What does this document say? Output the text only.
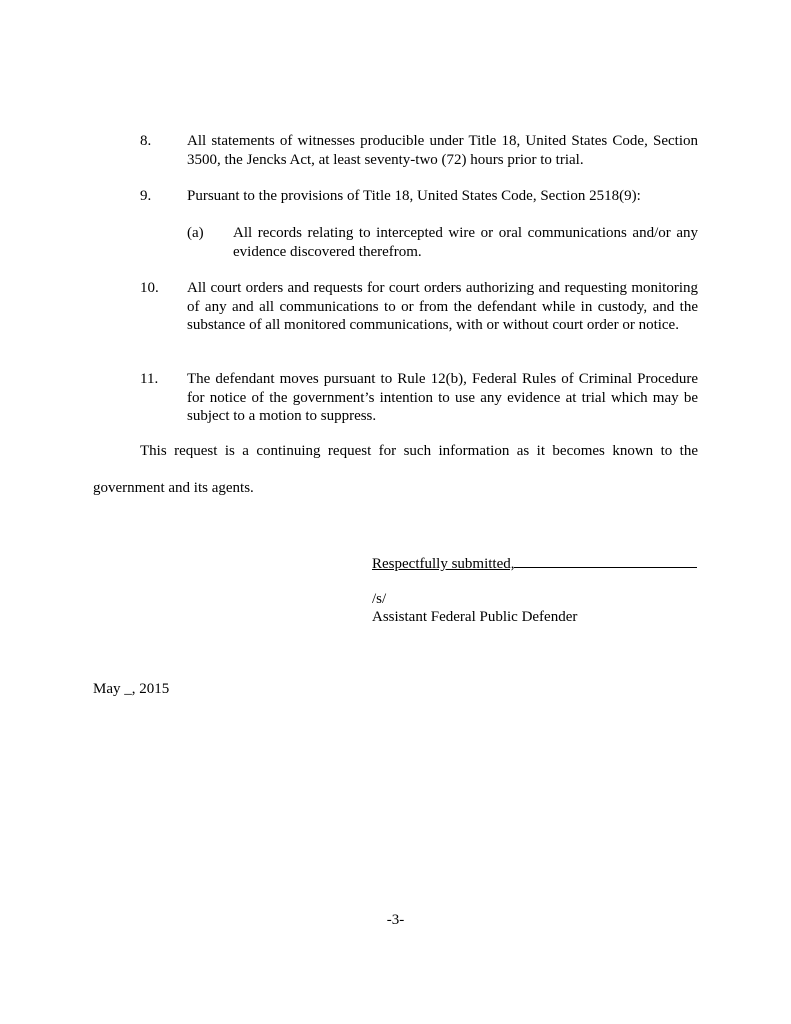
8. All statements of witnesses producible under Title 18, United States Code, Section 3500, the Jencks Act, at least seventy-two (72) hours prior to trial.
9. Pursuant to the provisions of Title 18, United States Code, Section 2518(9):
(a) All records relating to intercepted wire or oral communications and/or any evidence discovered therefrom.
10. All court orders and requests for court orders authorizing and requesting monitoring of any and all communications to or from the defendant while in custody, and the substance of all monitored communications, with or without court order or notice.
11. The defendant moves pursuant to Rule 12(b), Federal Rules of Criminal Procedure for notice of the government’s intention to use any evidence at trial which may be subject to a motion to suppress.
This request is a continuing request for such information as it becomes known to the
government and its agents.
Respectfully submitted,
/s/
Assistant Federal Public Defender
May _, 2015
-3-
